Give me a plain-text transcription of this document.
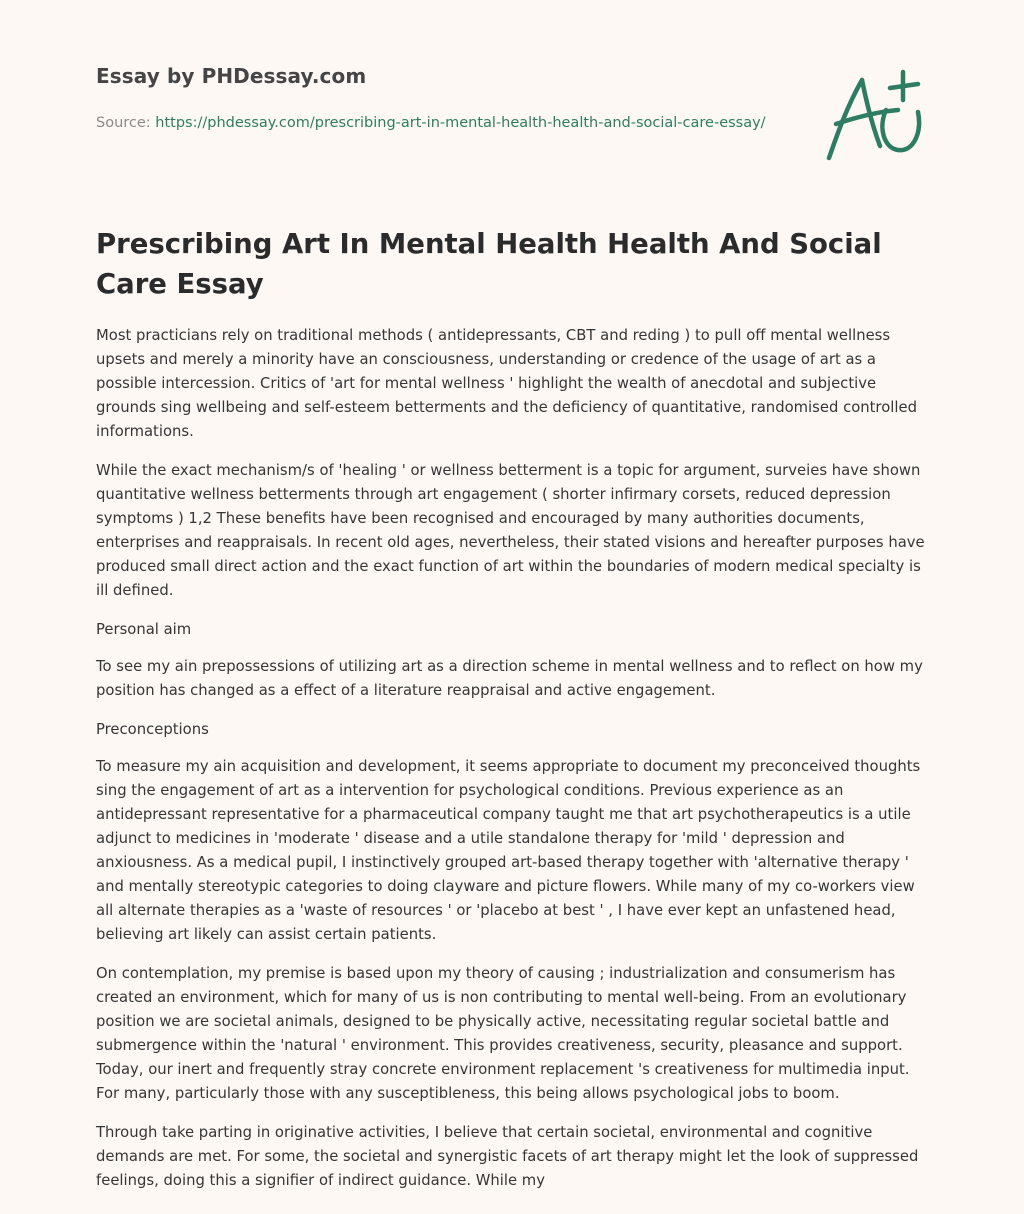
Essay by PHDessay.com
Source: https://phdessay.com/prescribing-art-in-mental-health-health-and-social-care-essay/
Prescribing Art In Mental Health Health And Social Care Essay

Most practicians rely on traditional methods ( antidepressants, CBT and reding ) to pull off mental wellness upsets and merely a minority have an consciousness, understanding or credence of the usage of art as a possible intercession. Critics of 'art for mental wellness ' highlight the wealth of anecdotal and subjective grounds sing wellbeing and self-esteem betterments and the deficiency of quantitative, randomised controlled informations.

While the exact mechanism/s of 'healing ' or wellness betterment is a topic for argument, surveies have shown quantitative wellness betterments through art engagement ( shorter infirmary corsets, reduced depression symptoms ) 1,2 These benefits have been recognised and encouraged by many authorities documents, enterprises and reappraisals. In recent old ages, nevertheless, their stated visions and hereafter purposes have produced small direct action and the exact function of art within the boundaries of modern medical specialty is ill defined.

Personal aim

To see my ain prepossessions of utilizing art as a direction scheme in mental wellness and to reflect on how my position has changed as a effect of a literature reappraisal and active engagement.

Preconceptions

To measure my ain acquisition and development, it seems appropriate to document my preconceived thoughts sing the engagement of art as a intervention for psychological conditions. Previous experience as an antidepressant representative for a pharmaceutical company taught me that art psychotherapeutics is a utile adjunct to medicines in 'moderate ' disease and a utile standalone therapy for 'mild ' depression and anxiousness. As a medical pupil, I instinctively grouped art-based therapy together with 'alternative therapy ' and mentally stereotypic categories to doing clayware and picture flowers. While many of my co-workers view all alternate therapies as a 'waste of resources ' or 'placebo at best ' , I have ever kept an unfastened head, believing art likely can assist certain patients.

On contemplation, my premise is based upon my theory of causing ; industrialization and consumerism has created an environment, which for many of us is non contributing to mental well-being. From an evolutionary position we are societal animals, designed to be physically active, necessitating regular societal battle and submergence within the 'natural ' environment. This provides creativeness, security, pleasance and support. Today, our inert and frequently stray concrete environment replacement 's creativeness for multimedia input. For many, particularly those with any susceptibleness, this being allows psychological jobs to boom.

Through take parting in originative activities, I believe that certain societal, environmental and cognitive demands are met. For some, the societal and synergistic facets of art therapy might let the look of suppressed feelings, doing this a signifier of indirect guidance. While my
